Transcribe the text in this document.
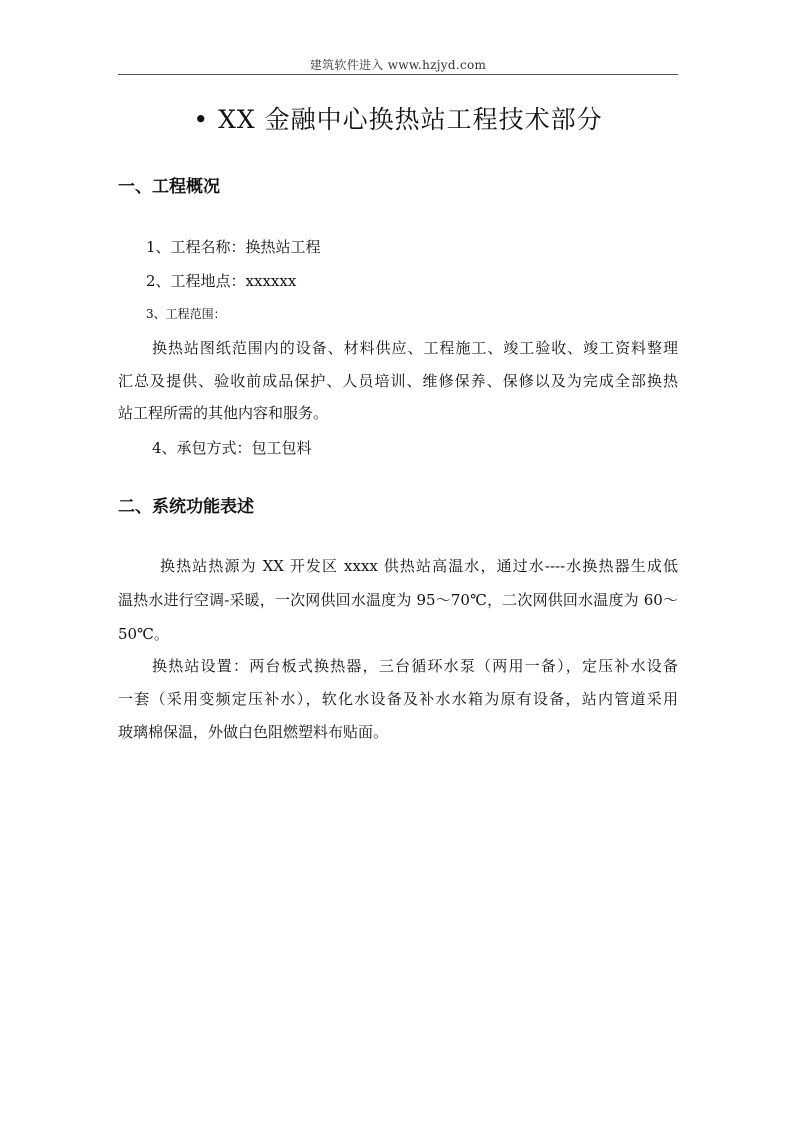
建筑软件进入 www.hzjyd.com
• XX 金融中心换热站工程技术部分
一、工程概况
1、工程名称：换热站工程
2、工程地点：xxxxxx
3、工程范围：
换热站图纸范围内的设备、材料供应、工程施工、竣工验收、竣工资料整理
汇总及提供、验收前成品保护、人员培训、维修保养、保修以及为完成全部换热
站工程所需的其他内容和服务。
4、承包方式：包工包料
二、系统功能表述
换热站热源为 XX 开发区 xxxx 供热站高温水，通过水----水换热器生成低
温热水进行空调-采暖，一次网供回水温度为 95～70℃，二次网供回水温度为 60～
50℃。
换热站设置：两台板式换热器，三台循环水泵（两用一备），定压补水设备
一套（采用变频定压补水），软化水设备及补水水箱为原有设备，站内管道采用
玻璃棉保温，外做白色阻燃塑料布贴面。
